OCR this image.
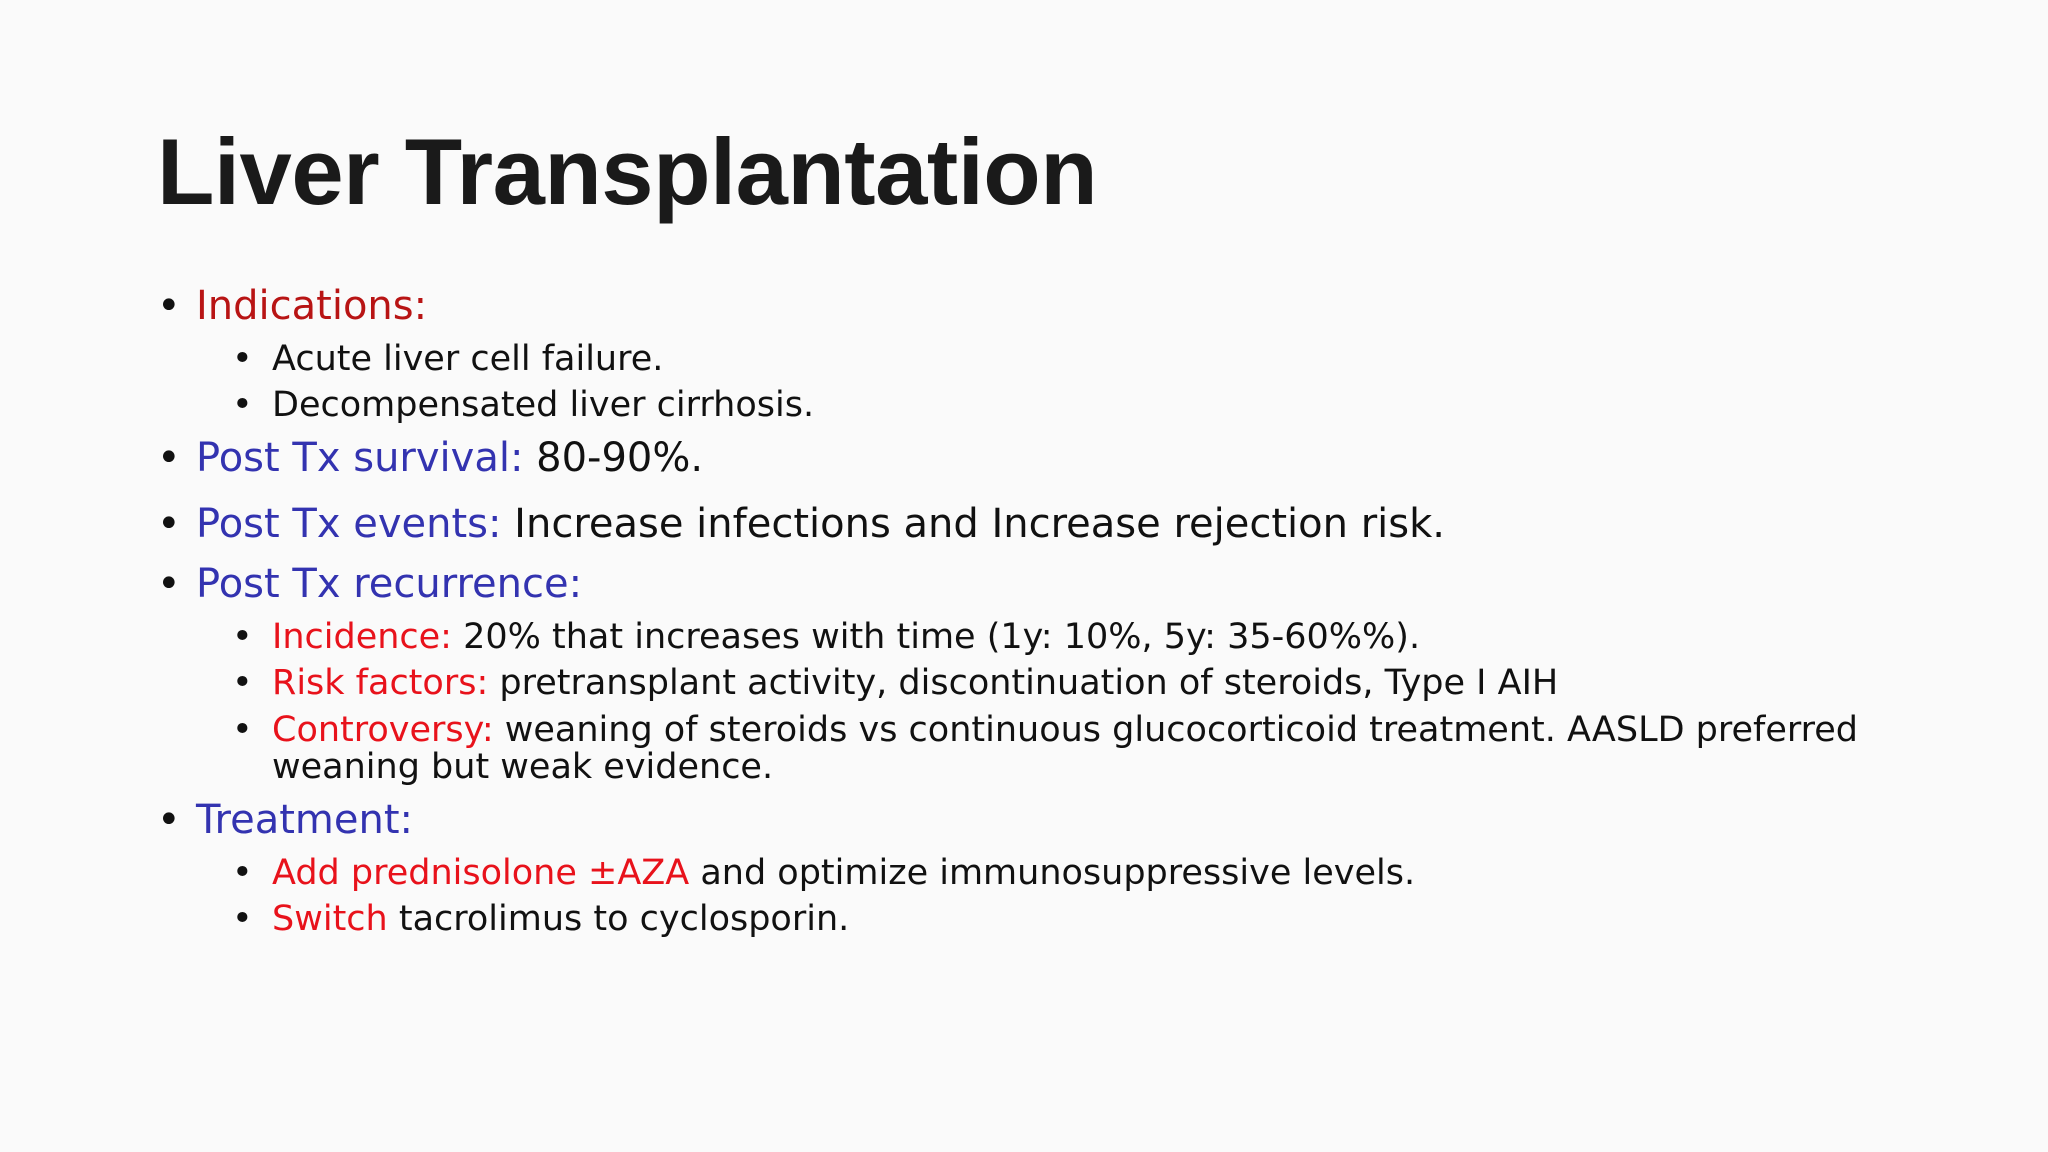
Liver Transplantation
• Indications:
• Acute liver cell failure.
• Decompensated liver cirrhosis.
• Post Tx survival: 80-90%.
• Post Tx events: Increase infections and Increase rejection risk.
• Post Tx recurrence:
• Incidence: 20% that increases with time (1y: 10%, 5y: 35-60%%).
• Risk factors: pretransplant activity, discontinuation of steroids, Type I AIH
• Controversy: weaning of steroids vs continuous glucocorticoid treatment. AASLD preferred weaning but weak evidence.
• Treatment:
• Add prednisolone ±AZA and optimize immunosuppressive levels.
• Switch tacrolimus to cyclosporin.
